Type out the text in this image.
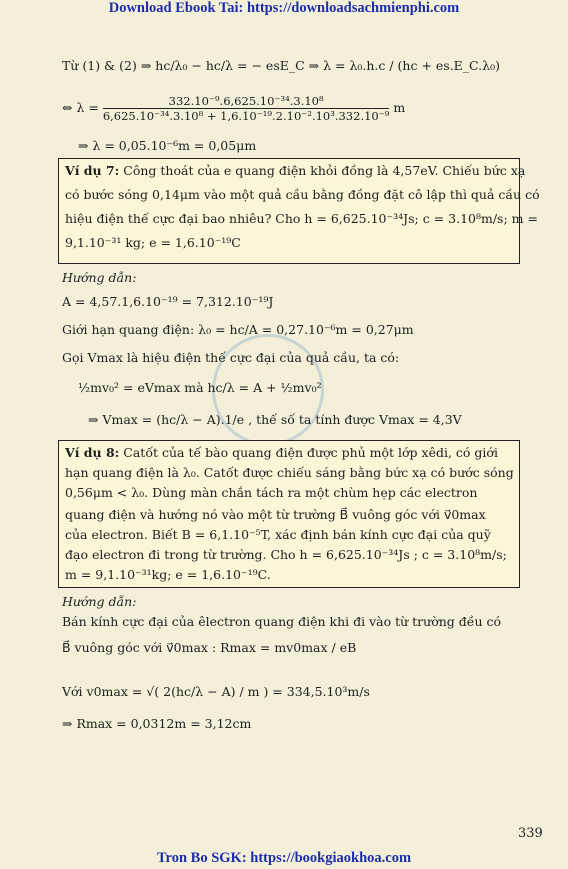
Download Ebook Tai: https://downloadsachmienphi.com
Từ (1) & (2) ⇒ hc/λ₀ − hc/λ = − esE_C ⇒ λ = λ₀.h.c / (hc + es.E_C.λ₀)
⇔ $\lambda = \frac{\text{332.10⁻⁹.6,625.10⁻³⁴.3.10⁸}}{\text{6,625.10⁻³⁴.3.10⁸ + 1,6.10⁻¹⁹.2.10⁻².10³.332.10⁻⁹}}$ m
⇒ λ = 0,05.10⁻⁶m = 0,05μm
Ví dụ 7: Công thoát của e quang điện khỏi đồng là 4,57eV. Chiếu bức xạ
có bước sóng 0,14μm vào một quả cầu bằng đồng đặt cô lập thì quả cầu có
hiệu điện thế cực đại bao nhiêu? Cho h = 6,625.10⁻³⁴Js; c = 3.10⁸m/s; m =
9,1.10⁻³¹ kg; e = 1,6.10⁻¹⁹C
Hướng dẫn:
A = 4,57.1,6.10⁻¹⁹ = 7,312.10⁻¹⁹J
Giới hạn quang điện: λ₀ = hc/A = 0,27.10⁻⁶m = 0,27μm
Gọi Vmax là hiệu điện thế cực đại của quả cầu, ta có:
½mv₀² = eVmax mà hc/λ = A + ½mv₀²
⇒ Vmax = (hc/λ − A).1/e , thế số ta tính được Vmax = 4,3V
Ví dụ 8: Catốt của tế bào quang điện được phủ một lớp xêdi, có giới
hạn quang điện là λ₀. Catốt được chiếu sáng bằng bức xạ có bước sóng
0,56μm < λ₀. Dùng màn chắn tách ra một chùm hẹp các electron
quang điện và hướng nó vào một từ trường B⃗ vuông góc với v⃗0max
của electron. Biết B = 6,1.10⁻⁵T, xác định bán kính cực đại của quỹ
đạo electron đi trong từ trường. Cho h = 6,625.10⁻³⁴Js ; c = 3.10⁸m/s;
m = 9,1.10⁻³¹kg; e = 1,6.10⁻¹⁹C.
Hướng dẫn:
Bán kính cực đại của êlectron quang điện khi đi vào từ trường đều có
B⃗ vuông góc với v⃗0max : Rmax = mv0max / eB
Với v0max = √( 2(hc/λ − A) / m ) = 334,5.10³m/s
⇒ Rmax = 0,0312m = 3,12cm
339
Tron Bo SGK: https://bookgiaokhoa.com
